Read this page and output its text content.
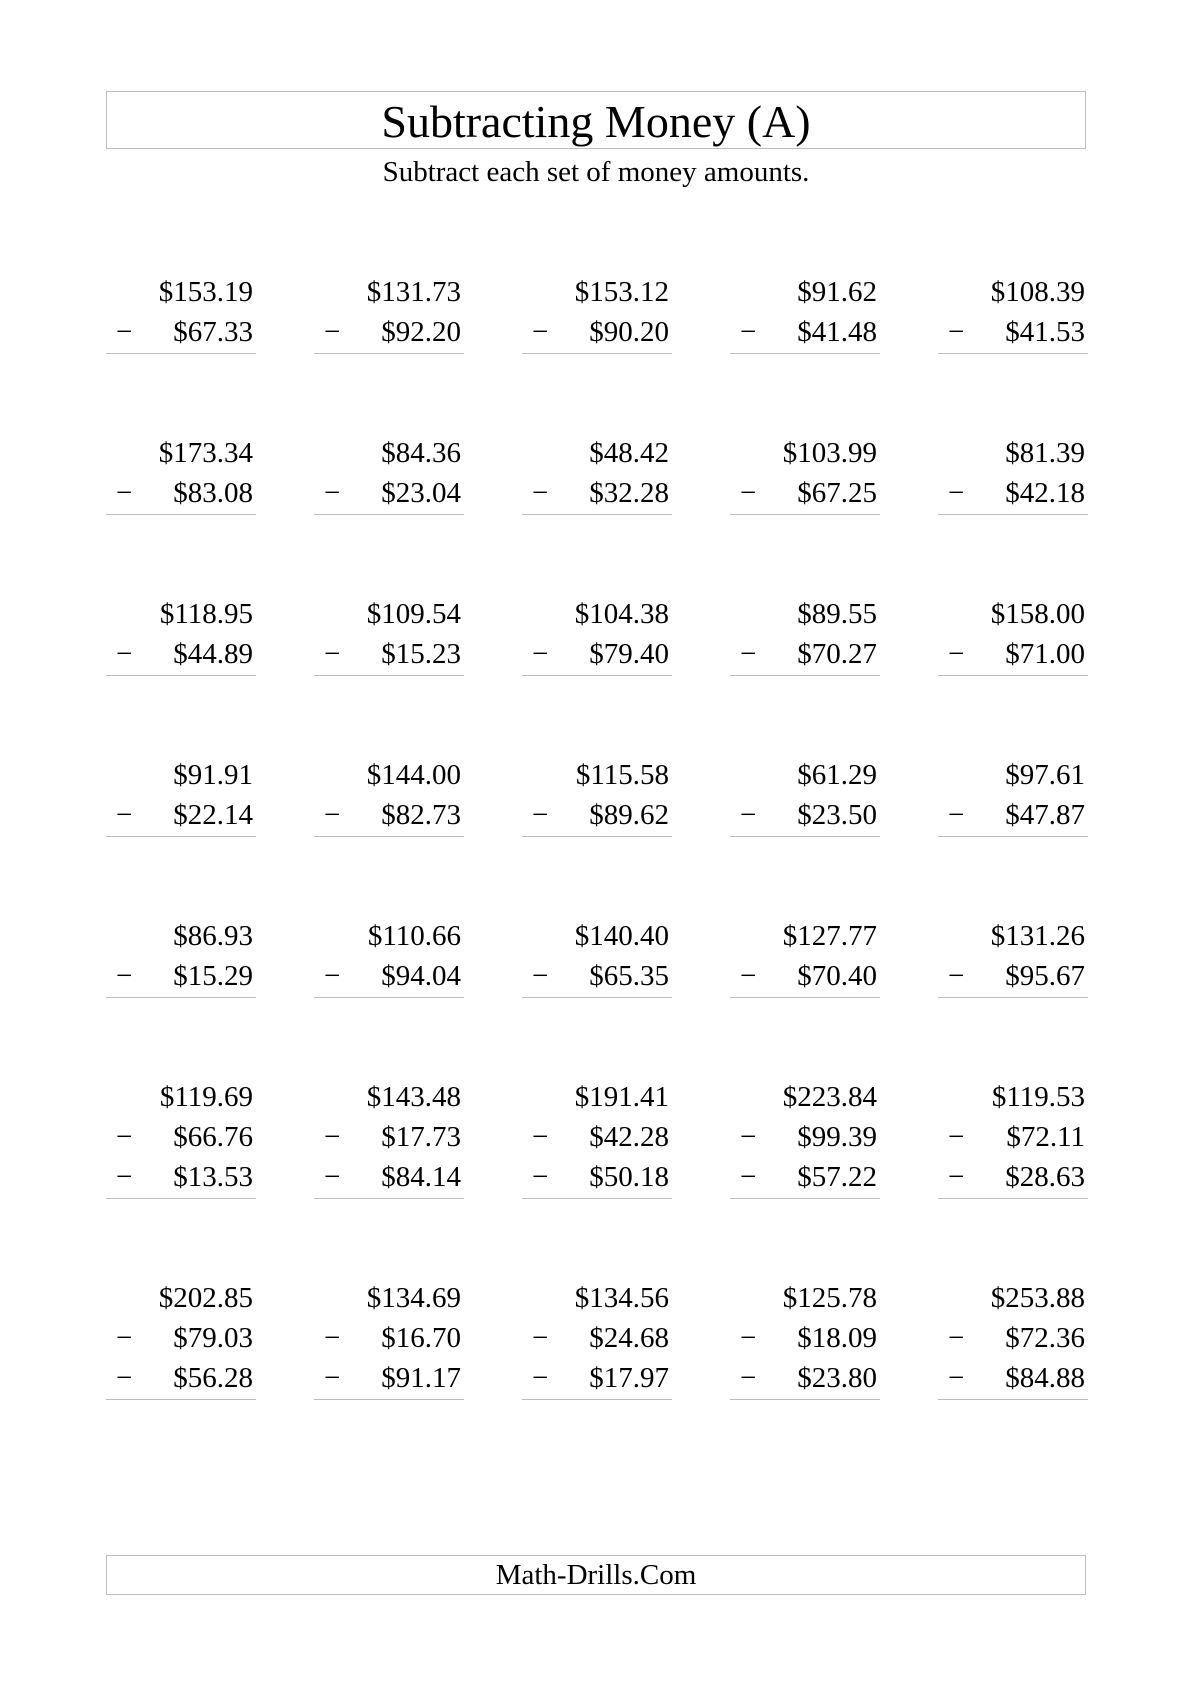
Subtracting Money (A)
Subtract each set of money amounts.
$153.19
− $67.33
$131.73
− $92.20
$153.12
− $90.20
$91.62
− $41.48
$108.39
− $41.53
$173.34
− $83.08
$84.36
− $23.04
$48.42
− $32.28
$103.99
− $67.25
$81.39
− $42.18
$118.95
− $44.89
$109.54
− $15.23
$104.38
− $79.40
$89.55
− $70.27
$158.00
− $71.00
$91.91
− $22.14
$144.00
− $82.73
$115.58
− $89.62
$61.29
− $23.50
$97.61
− $47.87
$86.93
− $15.29
$110.66
− $94.04
$140.40
− $65.35
$127.77
− $70.40
$131.26
− $95.67
$119.69
− $66.76
− $13.53
$143.48
− $17.73
− $84.14
$191.41
− $42.28
− $50.18
$223.84
− $99.39
− $57.22
$119.53
− $72.11
− $28.63
$202.85
− $79.03
− $56.28
$134.69
− $16.70
− $91.17
$134.56
− $24.68
− $17.97
$125.78
− $18.09
− $23.80
$253.88
− $72.36
− $84.88
Math-Drills.Com
